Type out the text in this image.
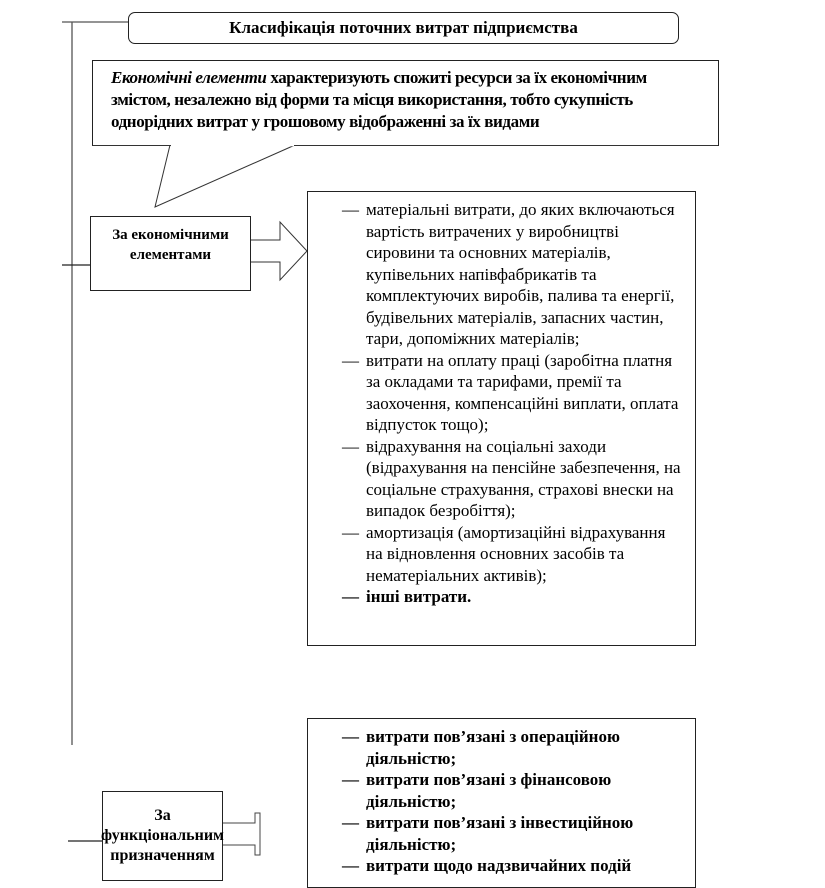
Класифікація поточних витрат підприємства
Економічні елементи характеризують спожиті ресурси за їх економічним змістом, незалежно від форми та місця використання, тобто сукупність однорідних витрат у грошовому відображенні за їх видами
За економічними елементами
— матеріальні витрати, до яких включаються вартість витрачених у виробництві сировини та основних матеріалів, купівельних напівфабрикатів та комплектуючих виробів, палива та енергії, будівельних матеріалів, запасних частин, тари, допоміжних матеріалів;
— витрати на оплату праці (заробітна платня за окладами та тарифами, премії та заохочення, компенсаційні виплати, оплата відпусток тощо);
— відрахування на соціальні заходи (відрахування на пенсійне забезпечення, на соціальне страхування, страхові внески на випадок безробіття);
— амортизація (амортизаційні відрахування на відновлення основних засобів та нематеріальних активів);
— інші витрати.
За функціональним призначенням
— витрати пов’язані з операційною діяльністю;
— витрати пов’язані з фінансовою діяльністю;
— витрати пов’язані з інвестиційною діяльністю;
— витрати щодо надзвичайних подій
